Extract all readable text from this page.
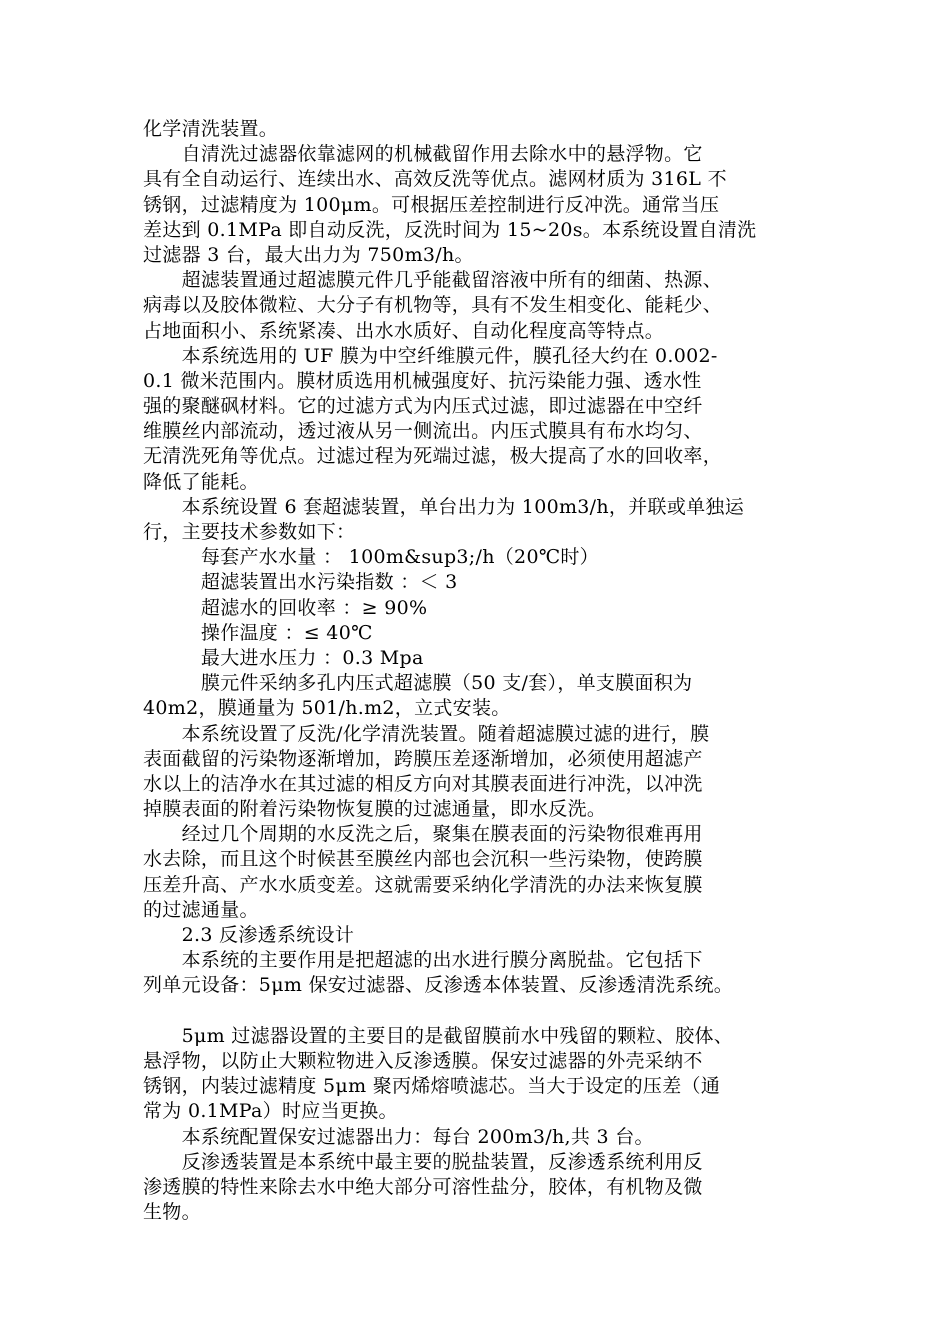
化学清洗装置。
　　自清洗过滤器依靠滤网的机械截留作用去除水中的悬浮物。它
具有全自动运行、连续出水、高效反洗等优点。滤网材质为 316L 不
锈钢，过滤精度为 100μm。可根据压差控制进行反冲洗。通常当压
差达到 0.1MPa 即自动反洗，反洗时间为 15~20s。本系统设置自清洗
过滤器 3 台，最大出力为 750m3/h。
　　超滤装置通过超滤膜元件几乎能截留溶液中所有的细菌、热源、
病毒以及胶体微粒、大分子有机物等，具有不发生相变化、能耗少、
占地面积小、系统紧凑、出水水质好、自动化程度高等特点。
　　本系统选用的 UF 膜为中空纤维膜元件，膜孔径大约在 0.002-
0.1 微米范围内。膜材质选用机械强度好、抗污染能力强、透水性
强的聚醚砜材料。它的过滤方式为内压式过滤，即过滤器在中空纤
维膜丝内部流动，透过液从另一侧流出。内压式膜具有布水均匀、
无清洗死角等优点。过滤过程为死端过滤，极大提高了水的回收率，
降低了能耗。
　　本系统设置 6 套超滤装置，单台出力为 100m3/h，并联或单独运
行，主要技术参数如下：
　　　每套产水水量 ： 100m&sup3;/h（20℃时）
　　　超滤装置出水污染指数 ：＜ 3
　　　超滤水的回收率 ：≥ 90%
　　　操作温度 ：≤ 40℃
　　　最大进水压力 ：0.3 Mpa
　　　膜元件采纳多孔内压式超滤膜（50 支/套），单支膜面积为
40m2，膜通量为 501/h.m2，立式安装。
　　本系统设置了反洗/化学清洗装置。随着超滤膜过滤的进行，膜
表面截留的污染物逐渐增加，跨膜压差逐渐增加，必须使用超滤产
水以上的洁净水在其过滤的相反方向对其膜表面进行冲洗，以冲洗
掉膜表面的附着污染物恢复膜的过滤通量，即水反洗。
　　经过几个周期的水反洗之后，聚集在膜表面的污染物很难再用
水去除，而且这个时候甚至膜丝内部也会沉积一些污染物，使跨膜
压差升高、产水水质变差。这就需要采纳化学清洗的办法来恢复膜
的过滤通量。
　　2.3 反渗透系统设计
　　本系统的主要作用是把超滤的出水进行膜分离脱盐。它包括下
列单元设备：5μm 保安过滤器、反渗透本体装置、反渗透清洗系统。
　　5μm 过滤器设置的主要目的是截留膜前水中残留的颗粒、胶体、
悬浮物，以防止大颗粒物进入反渗透膜。保安过滤器的外壳采纳不
锈钢，内装过滤精度 5μm 聚丙烯熔喷滤芯。当大于设定的压差（通
常为 0.1MPa）时应当更换。
　　本系统配置保安过滤器出力：每台 200m3/h,共 3 台。
　　反渗透装置是本系统中最主要的脱盐装置，反渗透系统利用反
渗透膜的特性来除去水中绝大部分可溶性盐分，胶体，有机物及微
生物。
